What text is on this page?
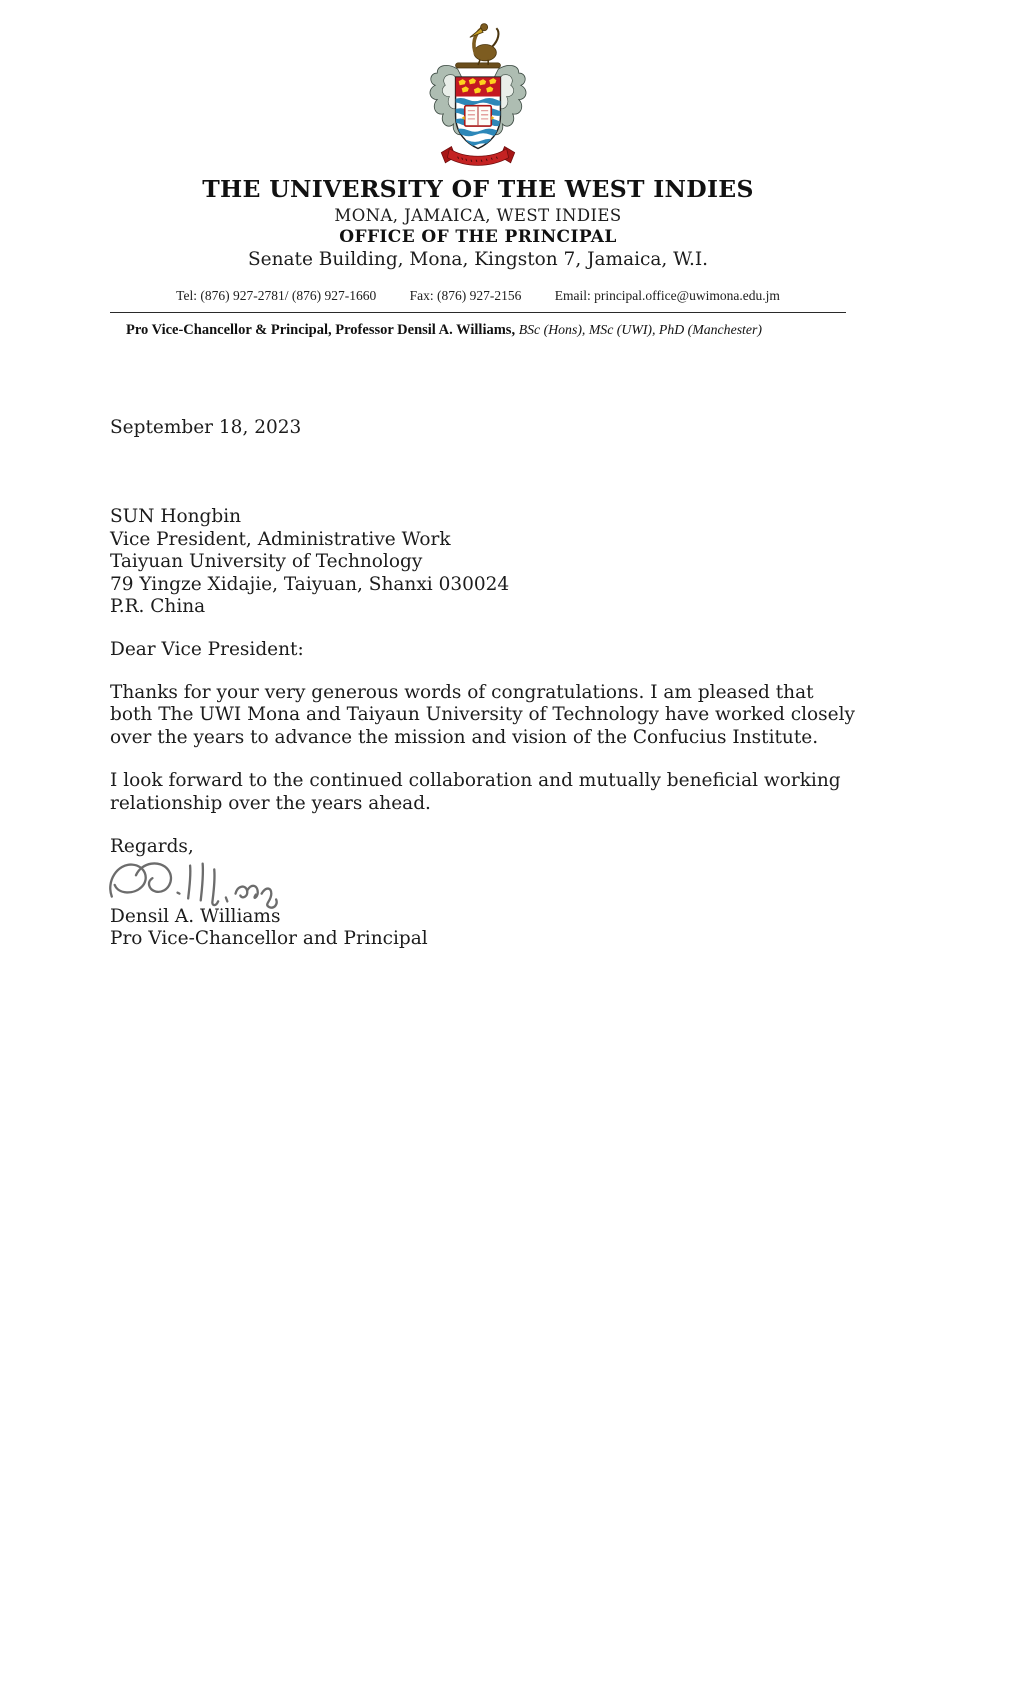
THE UNIVERSITY OF THE WEST INDIES
MONA, JAMAICA, WEST INDIES
OFFICE OF THE PRINCIPAL
Senate Building, Mona, Kingston 7, Jamaica, W.I.
Tel: (876) 927-2781/ (876) 927-1660 Fax: (876) 927-2156 Email: principal.office@uwimona.edu.jm
Pro Vice-Chancellor & Principal, Professor Densil A. Williams, BSc (Hons), MSc (UWI), PhD (Manchester)
September 18, 2023
SUN Hongbin
Vice President, Administrative Work
Taiyuan University of Technology
79 Yingze Xidajie, Taiyuan, Shanxi 030024
P.R. China
Dear Vice President:
Thanks for your very generous words of congratulations. I am pleased that
both The UWI Mona and Taiyaun University of Technology have worked closely
over the years to advance the mission and vision of the Confucius Institute.
I look forward to the continued collaboration and mutually beneficial working
relationship over the years ahead.
Regards,
Densil A. Williams
Pro Vice-Chancellor and Principal
